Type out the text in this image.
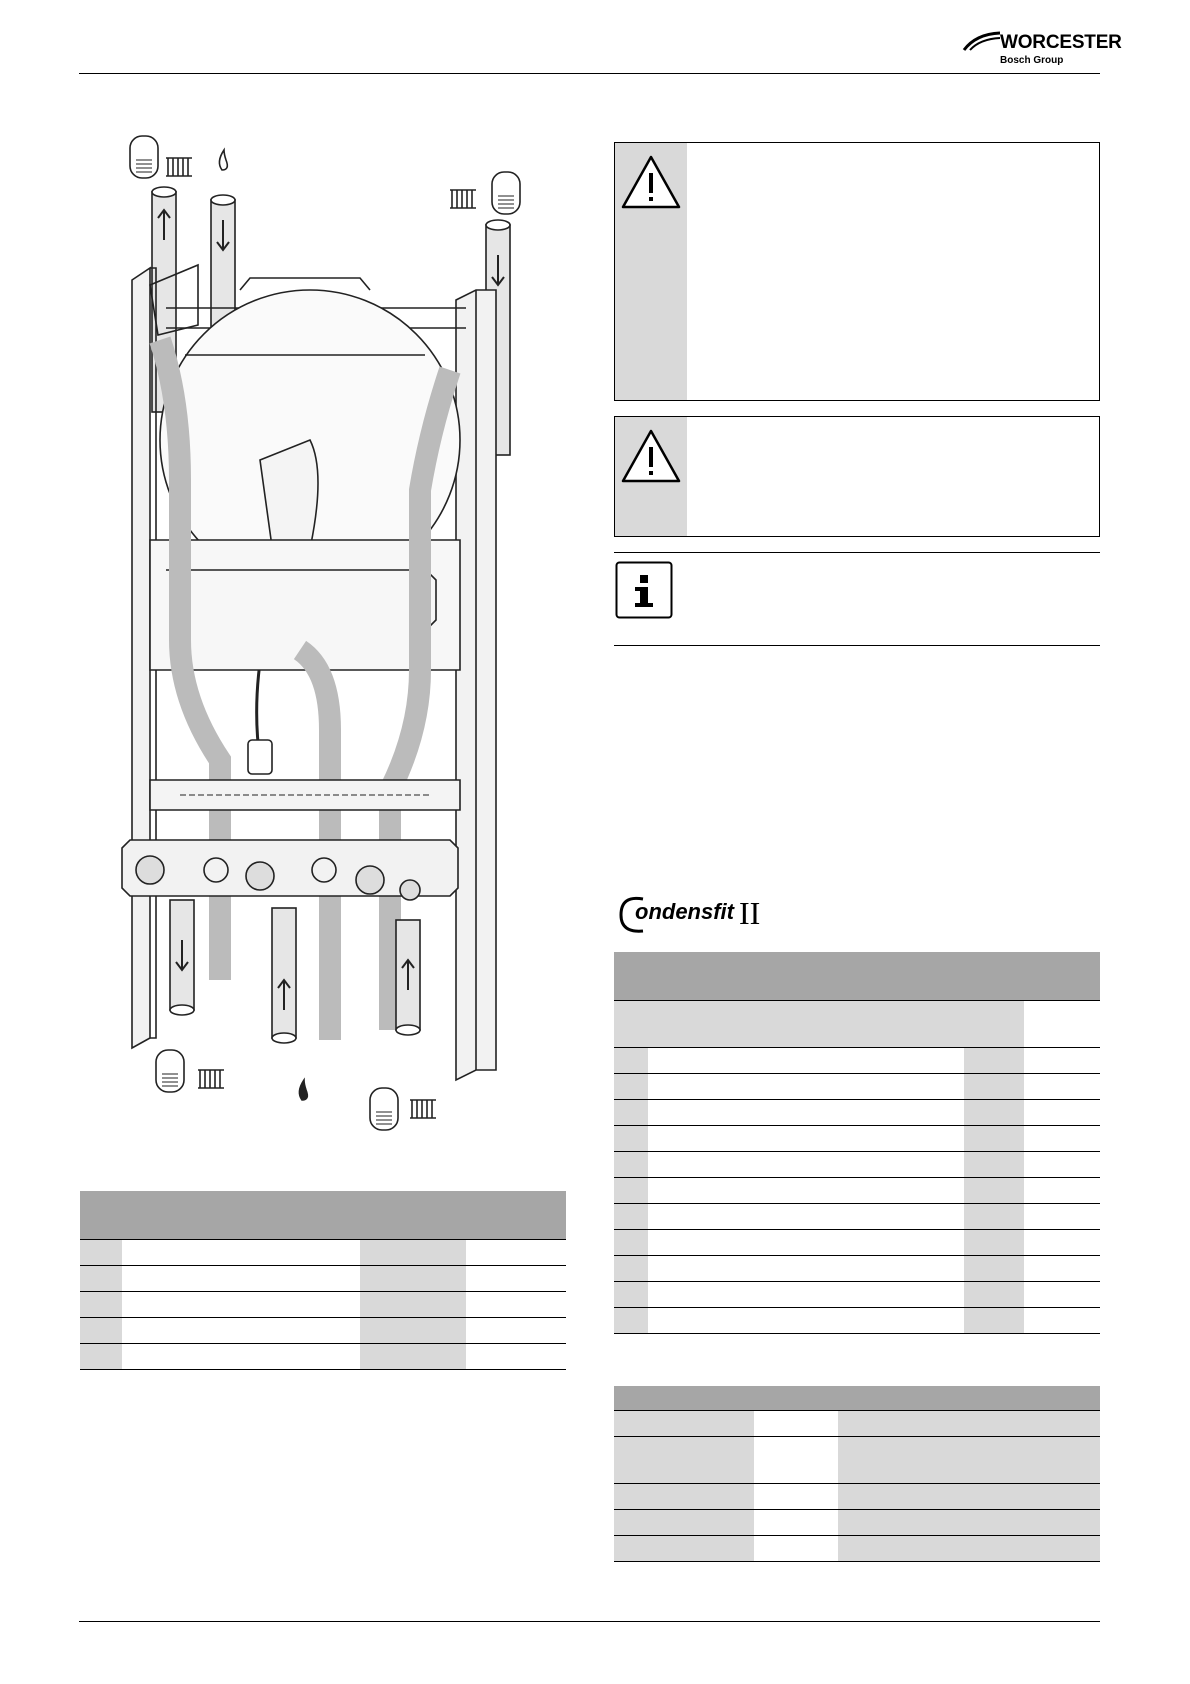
WORCESTER
Bosch Group

ondensfit II
